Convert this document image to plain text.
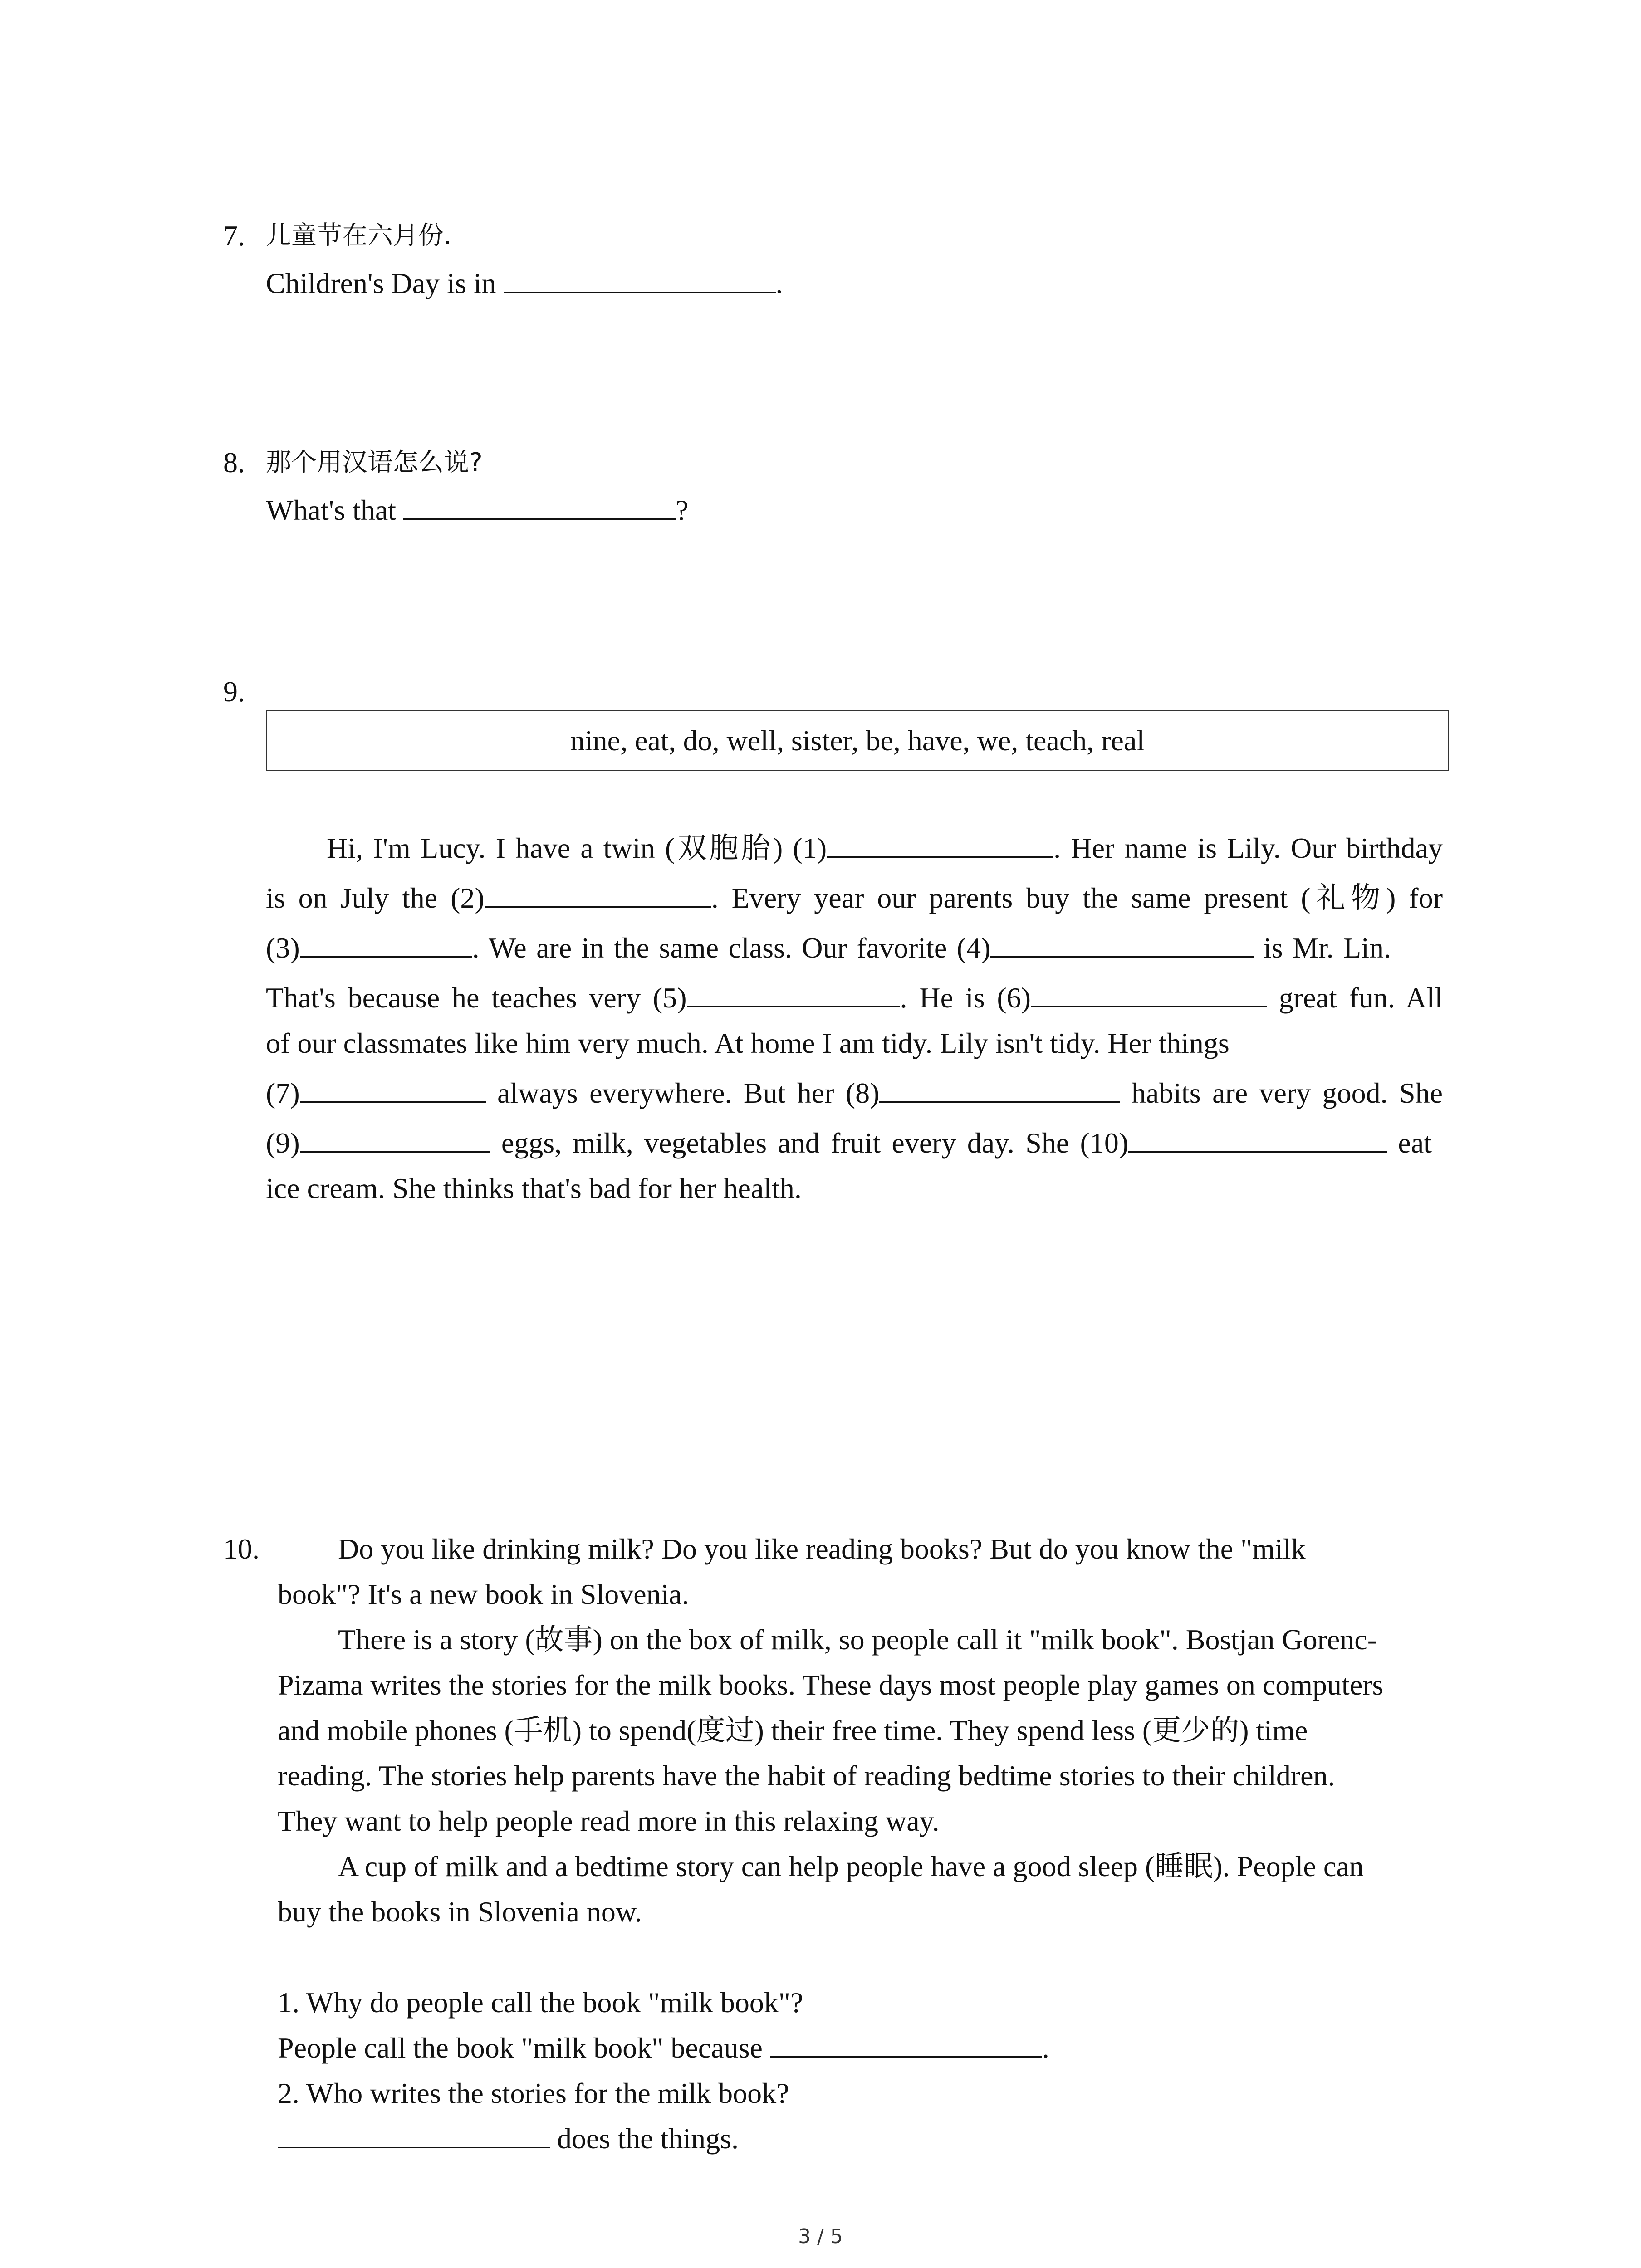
7. 儿童节在六月份.
Children's Day is in	.
8. 那个用汉语怎么说?
What's that	?
9.
nine, eat, do, well, sister, be, have, we, teach, real
Hi, I'm Lucy. I have a twin (双胞胎) (1)	. Her name is Lily. Our birthday
is on July the (2)	. Every year our parents buy the same present (礼物) for
(3)	. We are in the same class. Our favorite (4)	is Mr. Lin.
That's because he teaches very (5)	. He is (6)	great fun. All
of our classmates like him very much. At home I am tidy. Lily isn't tidy. Her things
(7)	always everywhere. But her (8)	habits are very good. She
(9)	eggs, milk, vegetables and fruit every day. She (10)	eat
ice cream. She thinks that's bad for her health.
10.	Do you like drinking milk? Do you like reading books? But do you know the "milk
book"? It's a new book in Slovenia.
There is a story (故事) on the box of milk, so people call it "milk book". Bostjan Gorenc-
Pizama writes the stories for the milk books. These days most people play games on computers
and mobile phones (手机) to spend(度过) their free time. They spend less (更少的) time
reading. The stories help parents have the habit of reading bedtime stories to their children.
They want to help people read more in this relaxing way.
A cup of milk and a bedtime story can help people have a good sleep (睡眠). People can
buy the books in Slovenia now.
1. Why do people call the book "milk book"?
People call the book "milk book" because	.
2. Who writes the stories for the milk book?
does the things.
3 / 5
